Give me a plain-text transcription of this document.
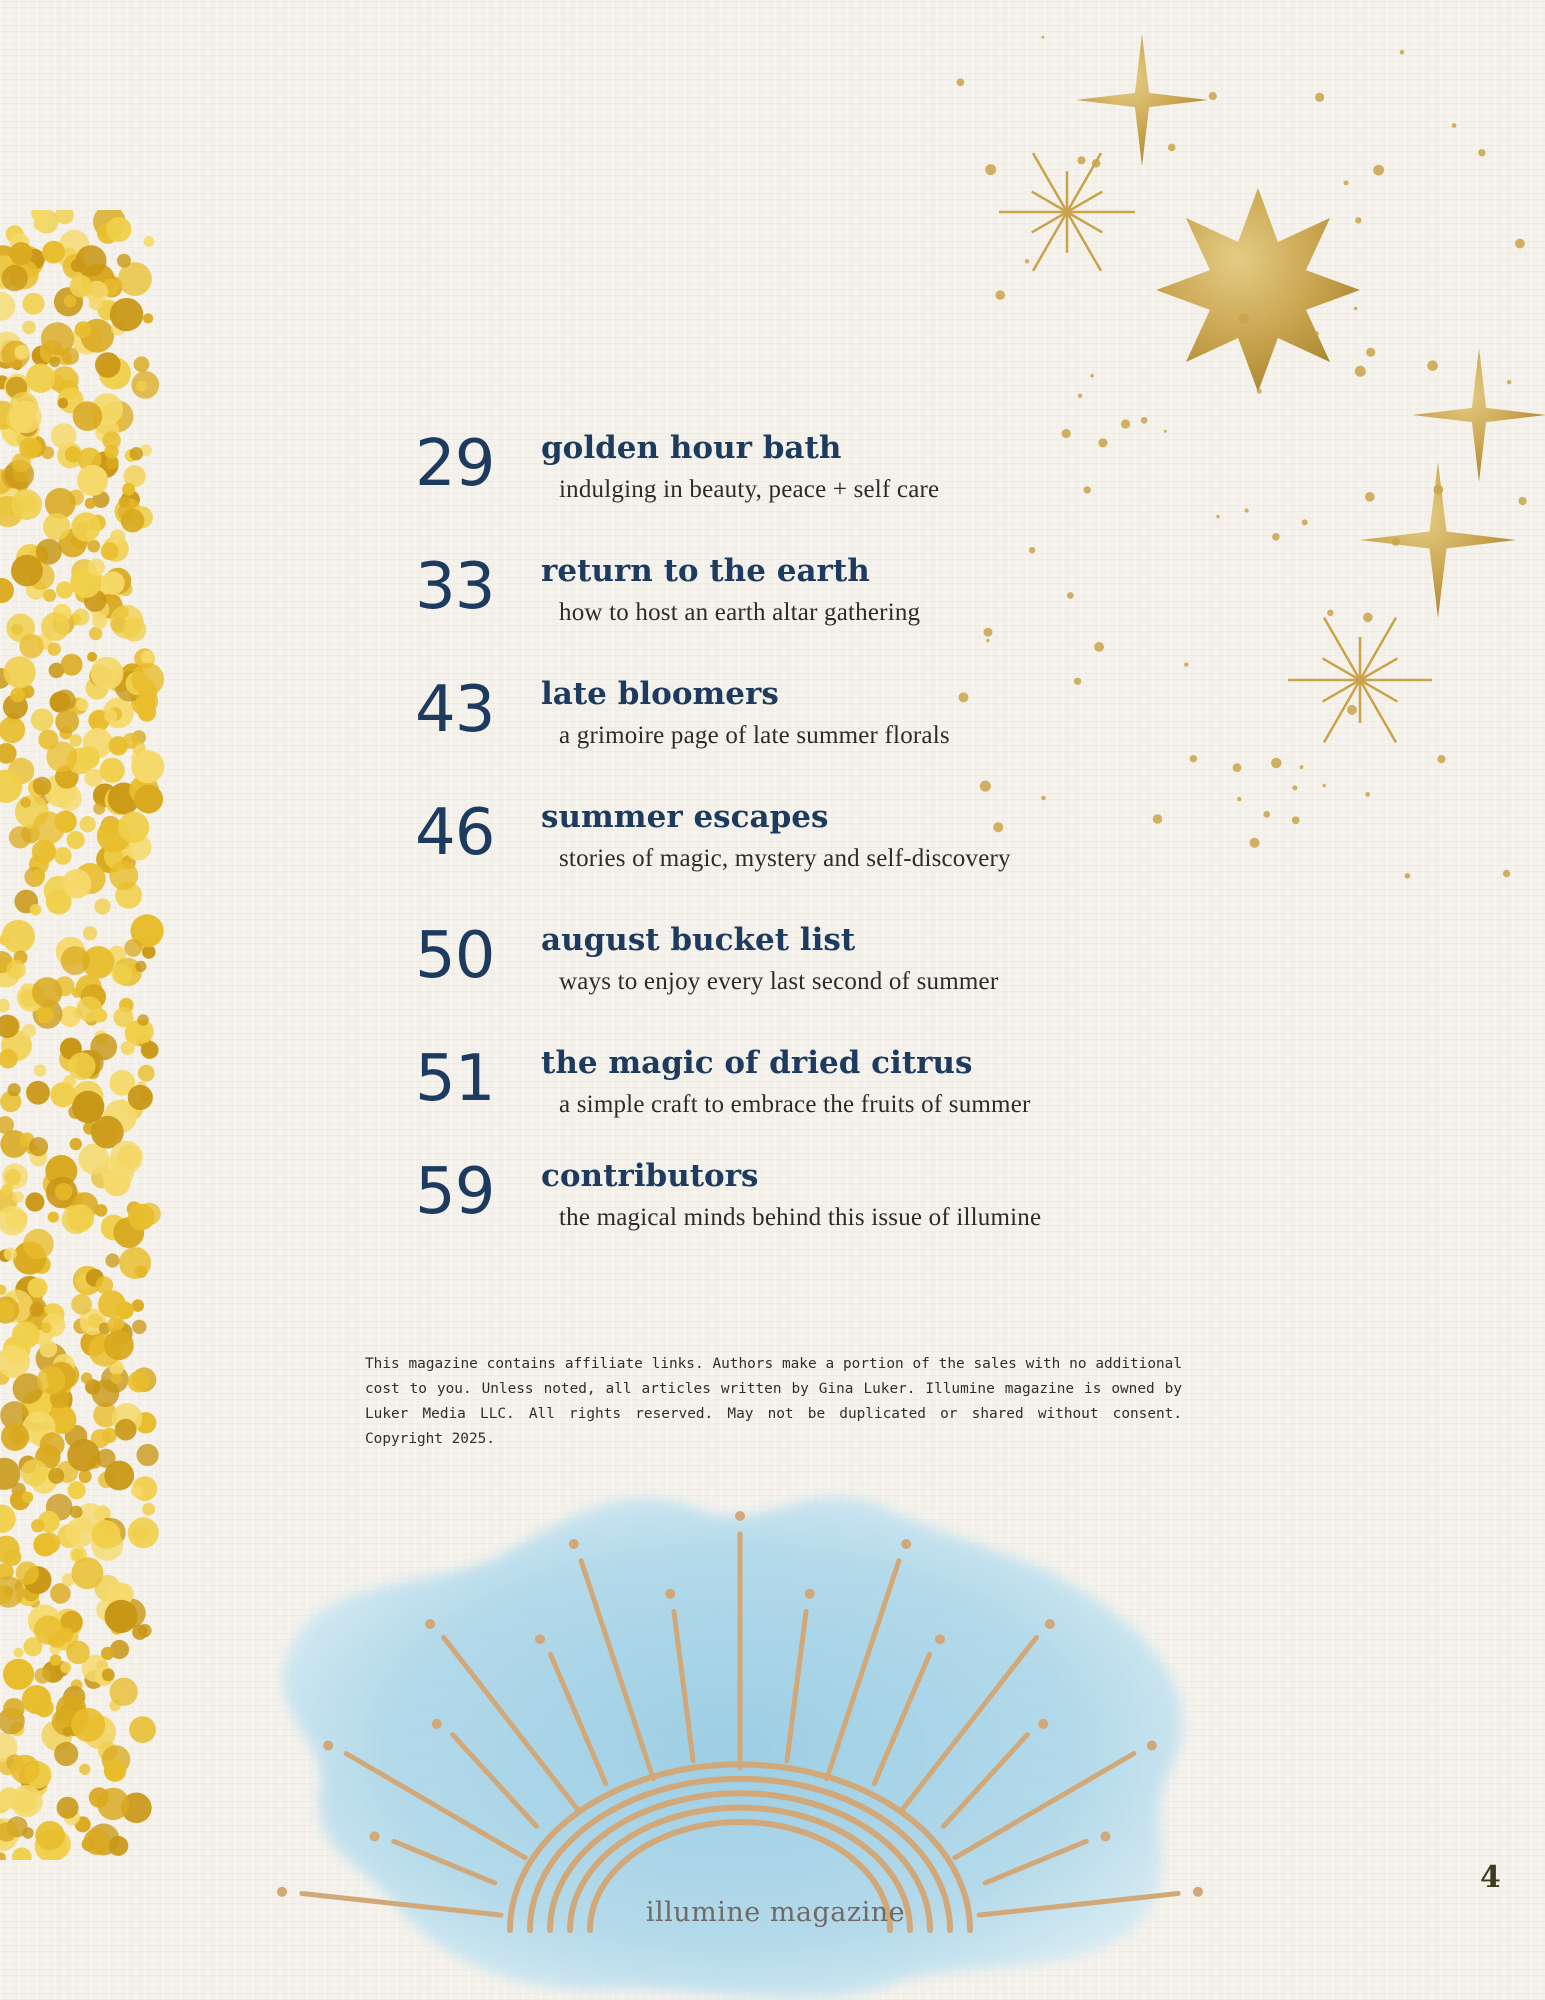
29	golden hour bath
indulging in beauty, peace + self care
33	return to the earth
how to host an earth altar gathering
43	late bloomers
a grimoire page of late summer florals
46	summer escapes
stories of magic, mystery and self-discovery
50	august bucket list
ways to enjoy every last second of summer
51	the magic of dried citrus
a simple craft to embrace the fruits of summer
59	contributors
the magical minds behind this issue of illumine
This magazine contains affiliate links. Authors make a portion of the sales with no additional cost to you. Unless noted, all articles written by Gina Luker. Illumine magazine is owned by Luker Media LLC. All rights reserved. May not be duplicated or shared without consent. Copyright 2025.
illumine magazine
4
